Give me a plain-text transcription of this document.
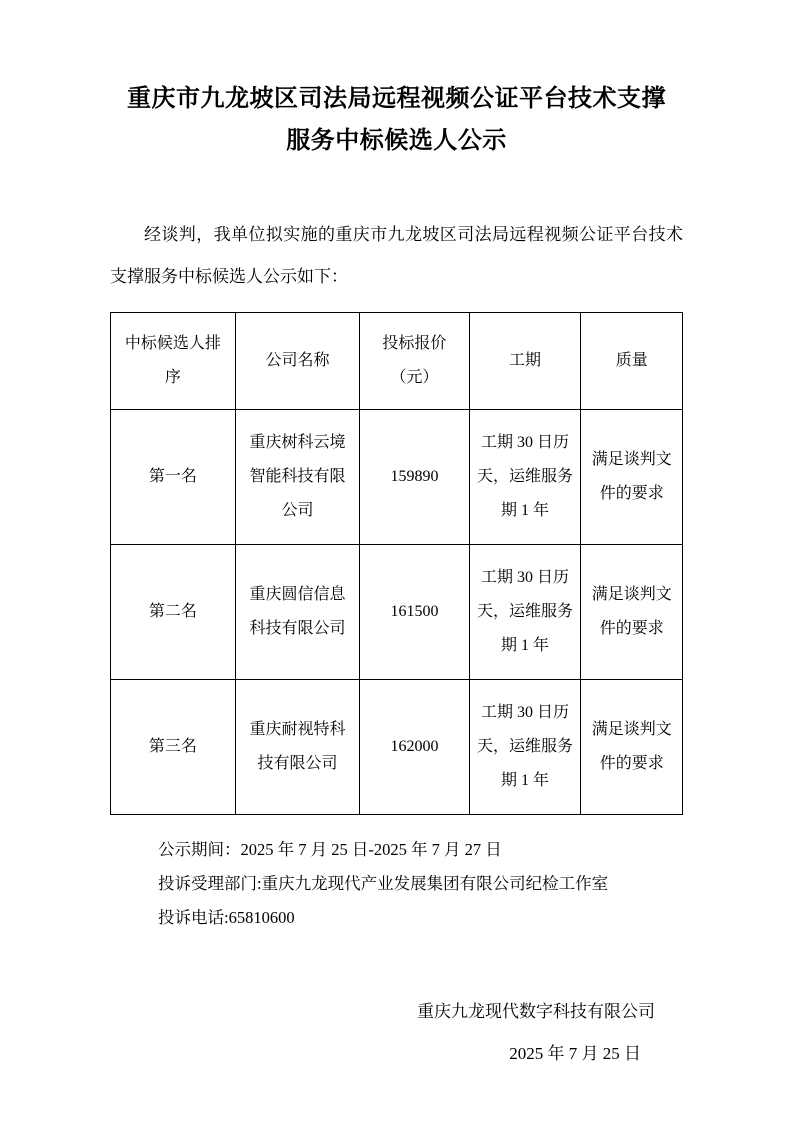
重庆市九龙坡区司法局远程视频公证平台技术支撑
服务中标候选人公示

经谈判，我单位拟实施的重庆市九龙坡区司法局远程视频公证平台技术支撑服务中标候选人公示如下：

中标候选人排序	公司名称	投标报价（元）	工期	质量
第一名	重庆树科云境智能科技有限公司	159890	工期 30 日历天，运维服务期 1 年	满足谈判文件的要求
第二名	重庆圆信信息科技有限公司	161500	工期 30 日历天，运维服务期 1 年	满足谈判文件的要求
第三名	重庆耐视特科技有限公司	162000	工期 30 日历天，运维服务期 1 年	满足谈判文件的要求
公示期间：2025 年 7 月 25 日-2025 年 7 月 27 日
投诉受理部门:重庆九龙现代产业发展集团有限公司纪检工作室
投诉电话:65810600
重庆九龙现代数字科技有限公司
2025 年 7 月 25 日
